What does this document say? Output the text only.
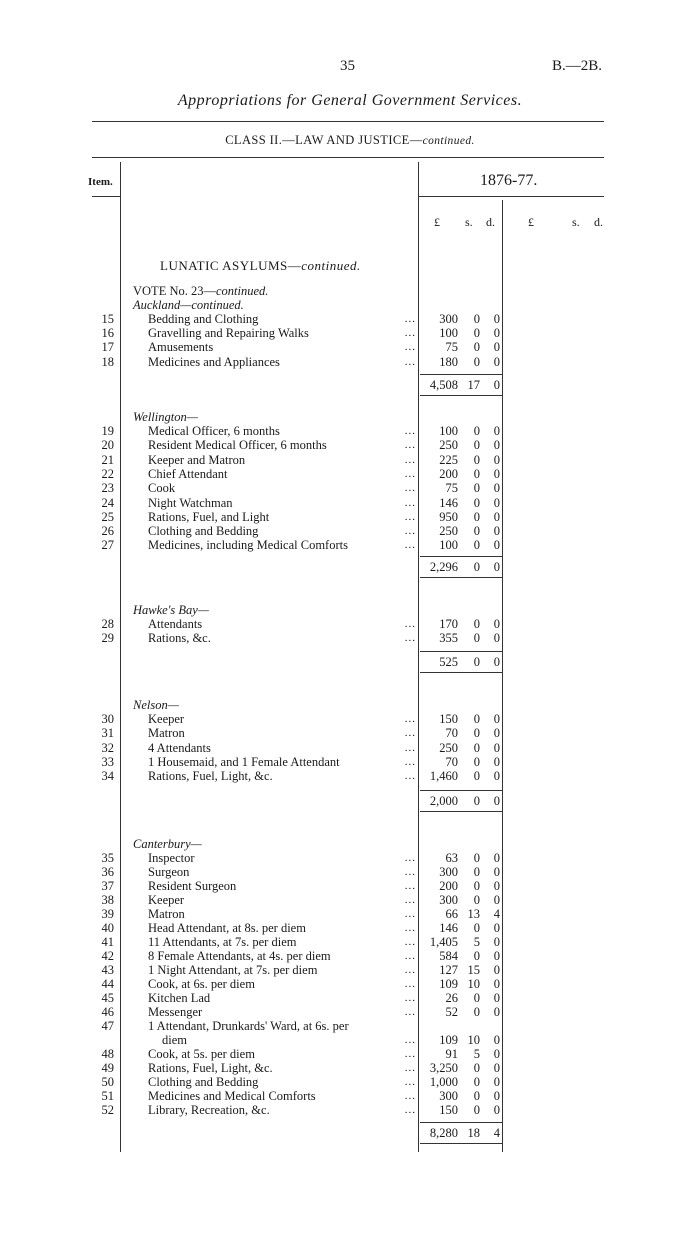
35	B.—2B.
Appropriations for General Government Services.
CLASS II.—LAW AND JUSTICE—continued.
Item.	1876-77.
£ s. d.	£	s. d.
LUNATIC ASYLUMS—continued.
VOTE No. 23—continued.
Auckland—continued.
15	Bedding and Clothing	...	300	0	0
16	Gravelling and Repairing Walks	...	100	0	0
17	Amusements	...	75	0	0
18	Medicines and Appliances	...	180	0	0
4,508 17	0
Wellington—
19	Medical Officer, 6 months	...	100	0	0
20	Resident Medical Officer, 6 months	...	250	0	0
21	Keeper and Matron	...	225	0	0
22	Chief Attendant	...	200	0	0
23	Cook	...	75	0	0
24	Night Watchman	...	146	0	0
25	Rations, Fuel, and Light	...	950	0	0
26	Clothing and Bedding	...	250	0	0
27	Medicines, including Medical Comforts	...	100	0	0
2,296	0	0
Hawke's Bay—
28	Attendants	...	170	0	0
29	Rations, &c.	...	355	0	0
525	0	0
Nelson—
30	Keeper	...	150	0	0
31	Matron	...	70	0	0
32	4 Attendants	...	250	0	0
33	1 Housemaid, and 1 Female Attendant	...	70	0	0
34	Rations, Fuel, Light, &c.	...	1,460	0	0
2,000	0	0
Canterbury—
35	Inspector	...	63	0	0
36	Surgeon	...	300	0	0
37	Resident Surgeon	...	200	0	0
38	Keeper	...	300	0	0
39	Matron	...	66 13	4
40	Head Attendant, at 8s. per diem	...	146	0	0
41	11 Attendants, at 7s. per diem	...	1,405	5	0
42	8 Female Attendants, at 4s. per diem	...	584	0	0
43	1 Night Attendant, at 7s. per diem	...	127 15	0
44	Cook, at 6s. per diem	...	109 10	0
45	Kitchen Lad	...	26	0	0
46	Messenger	...	52	0	0
47	1 Attendant, Drunkards' Ward, at 6s. per
diem	...	109 10	0
48	Cook, at 5s. per diem	...	91	5	0
49	Rations, Fuel, Light, &c.	...	3,250	0	0
50	Clothing and Bedding	...	1,000	0	0
51	Medicines and Medical Comforts	...	300	0	0
52	Library, Recreation, &c.	...	150	0	0
8,280 18	4
